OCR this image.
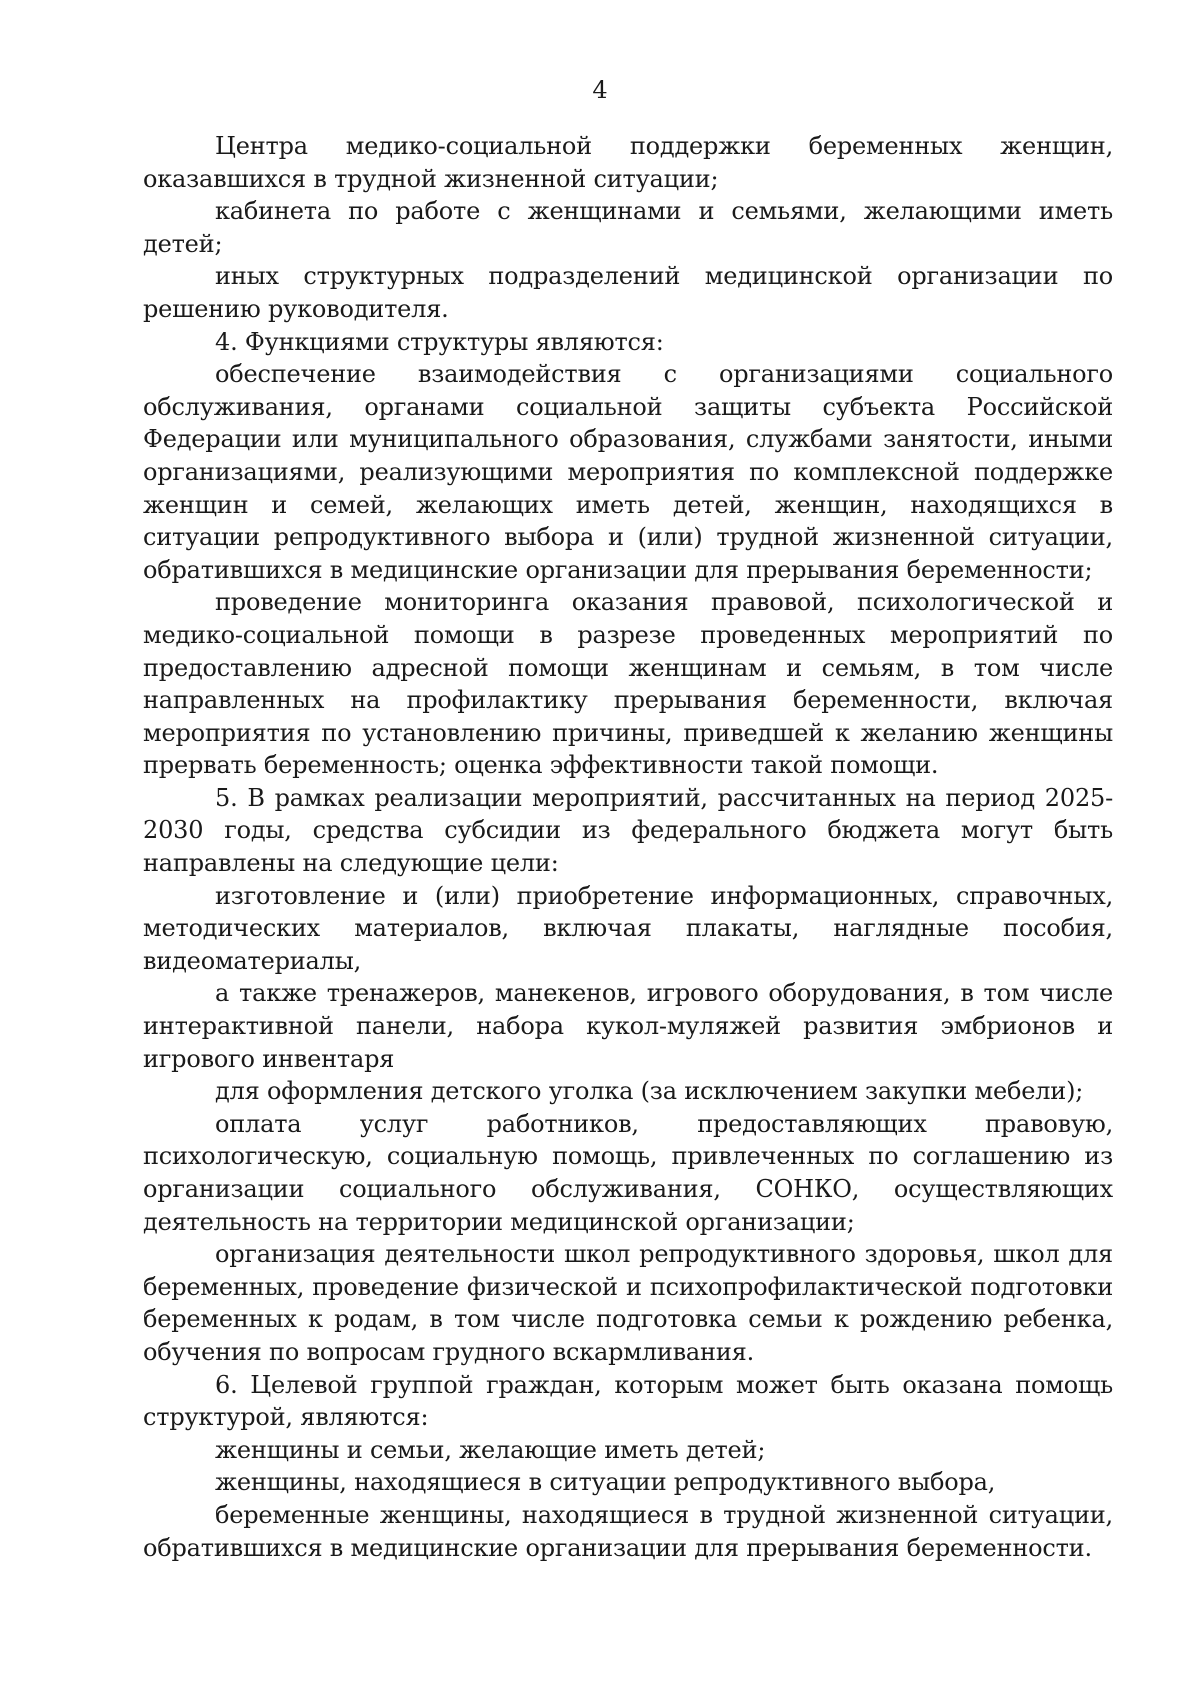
4

Центра медико-социальной поддержки беременных женщин, оказавшихся в трудной жизненной ситуации;

кабинета по работе с женщинами и семьями, желающими иметь детей;

иных структурных подразделений медицинской организации по решению руководителя.

4. Функциями структуры являются:

обеспечение взаимодействия с организациями социального обслуживания, органами социальной защиты субъекта Российской Федерации или муниципального образования, службами занятости, иными организациями, реализующими мероприятия по комплексной поддержке женщин и семей, желающих иметь детей, женщин, находящихся в ситуации репродуктивного выбора и (или) трудной жизненной ситуации, обратившихся в медицинские организации для прерывания беременности;

проведение мониторинга оказания правовой, психологической и медико-социальной помощи в разрезе проведенных мероприятий по предоставлению адресной помощи женщинам и семьям, в том числе направленных на профилактику прерывания беременности, включая мероприятия по установлению причины, приведшей к желанию женщины прервать беременность; оценка эффективности такой помощи.

5. В рамках реализации мероприятий, рассчитанных на период 2025-2030 годы, средства субсидии из федерального бюджета могут быть направлены на следующие цели:

изготовление и (или) приобретение информационных, справочных, методических материалов, включая плакаты, наглядные пособия, видеоматериалы,

а также тренажеров, манекенов, игрового оборудования, в том числе интерактивной панели, набора кукол-муляжей развития эмбрионов и игрового инвентаря

для оформления детского уголка (за исключением закупки мебели);

оплата услуг работников, предоставляющих правовую, психологическую, социальную помощь, привлеченных по соглашению из организации социального обслуживания, СОНКО, осуществляющих деятельность на территории медицинской организации;

организация деятельности школ репродуктивного здоровья, школ для беременных, проведение физической и психопрофилактической подготовки беременных к родам, в том числе подготовка семьи к рождению ребенка, обучения по вопросам грудного вскармливания.

6. Целевой группой граждан, которым может быть оказана помощь структурой, являются:

женщины и семьи, желающие иметь детей;

женщины, находящиеся в ситуации репродуктивного выбора,

беременные женщины, находящиеся в трудной жизненной ситуации, обратившихся в медицинские организации для прерывания беременности.
